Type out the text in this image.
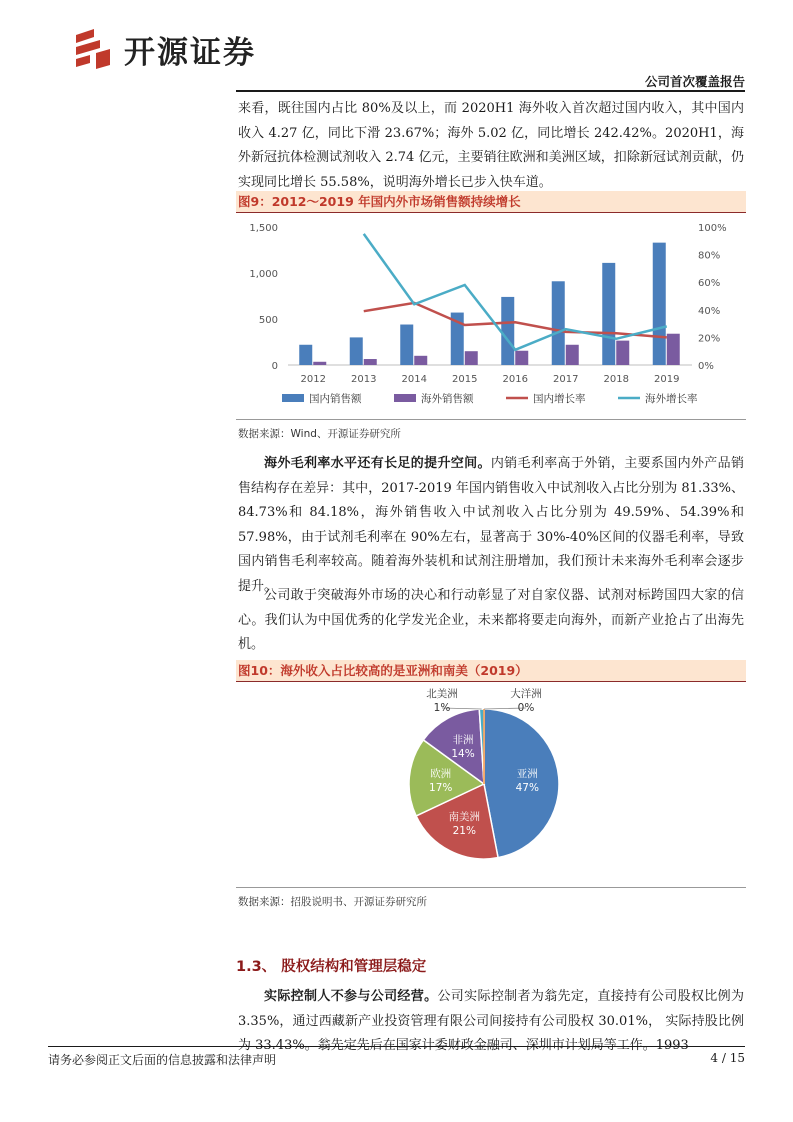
开源证券
公司首次覆盖报告
来看，既往国内占比 80%及以上，而 2020H1 海外收入首次超过国内收入，其中国内收入 4.27 亿，同比下滑 23.67%；海外 5.02 亿，同比增长 242.42%。2020H1，海外新冠抗体检测试剂收入 2.74 亿元，主要销往欧洲和美洲区域，扣除新冠试剂贡献，仍实现同比增长 55.58%，说明海外增长已步入快车道。
图9：2012～2019 年国内外市场销售额持续增长
0
500
1,000
1,500
0%
20%
40%
60%
80%
100%
2012	2013	2014	2015	2016	2017	2018	2019
国内销售额	海外销售额	国内增长率	海外增长率
数据来源：Wind、开源证券研究所
海外毛利率水平还有长足的提升空间。内销毛利率高于外销，主要系国内外产品销售结构存在差异：其中，2017-2019 年国内销售收入中试剂收入占比分别为 81.33%、84.73%和 84.18%，海外销售收入中试剂收入占比分别为 49.59%、54.39%和 57.98%，由于试剂毛利率在 90%左右，显著高于 30%-40%区间的仪器毛利率，导致国内销售毛利率较高。随着海外装机和试剂注册增加，我们预计未来海外毛利率会逐步提升。
公司敢于突破海外市场的决心和行动彰显了对自家仪器、试剂对标跨国四大家的信心。我们认为中国优秀的化学发光企业，未来都将要走向海外，而新产业抢占了出海先机。
图10：海外收入占比较高的是亚洲和南美（2019）
亚洲
47%
南美洲
21%
欧洲
17%
非洲
14%
北美洲
1%
大洋洲
0%
数据来源：招股说明书、开源证券研究所
1.3、 股权结构和管理层稳定
实际控制人不参与公司经营。公司实际控制者为翁先定，直接持有公司股权比例为 3.35%，通过西藏新产业投资管理有限公司间接持有公司股权 30.01%， 实际持股比例为 33.43%。翁先定先后在国家计委财政金融司、深圳市计划局等工作。1993
请务必参阅正文后面的信息披露和法律声明	4 / 15
